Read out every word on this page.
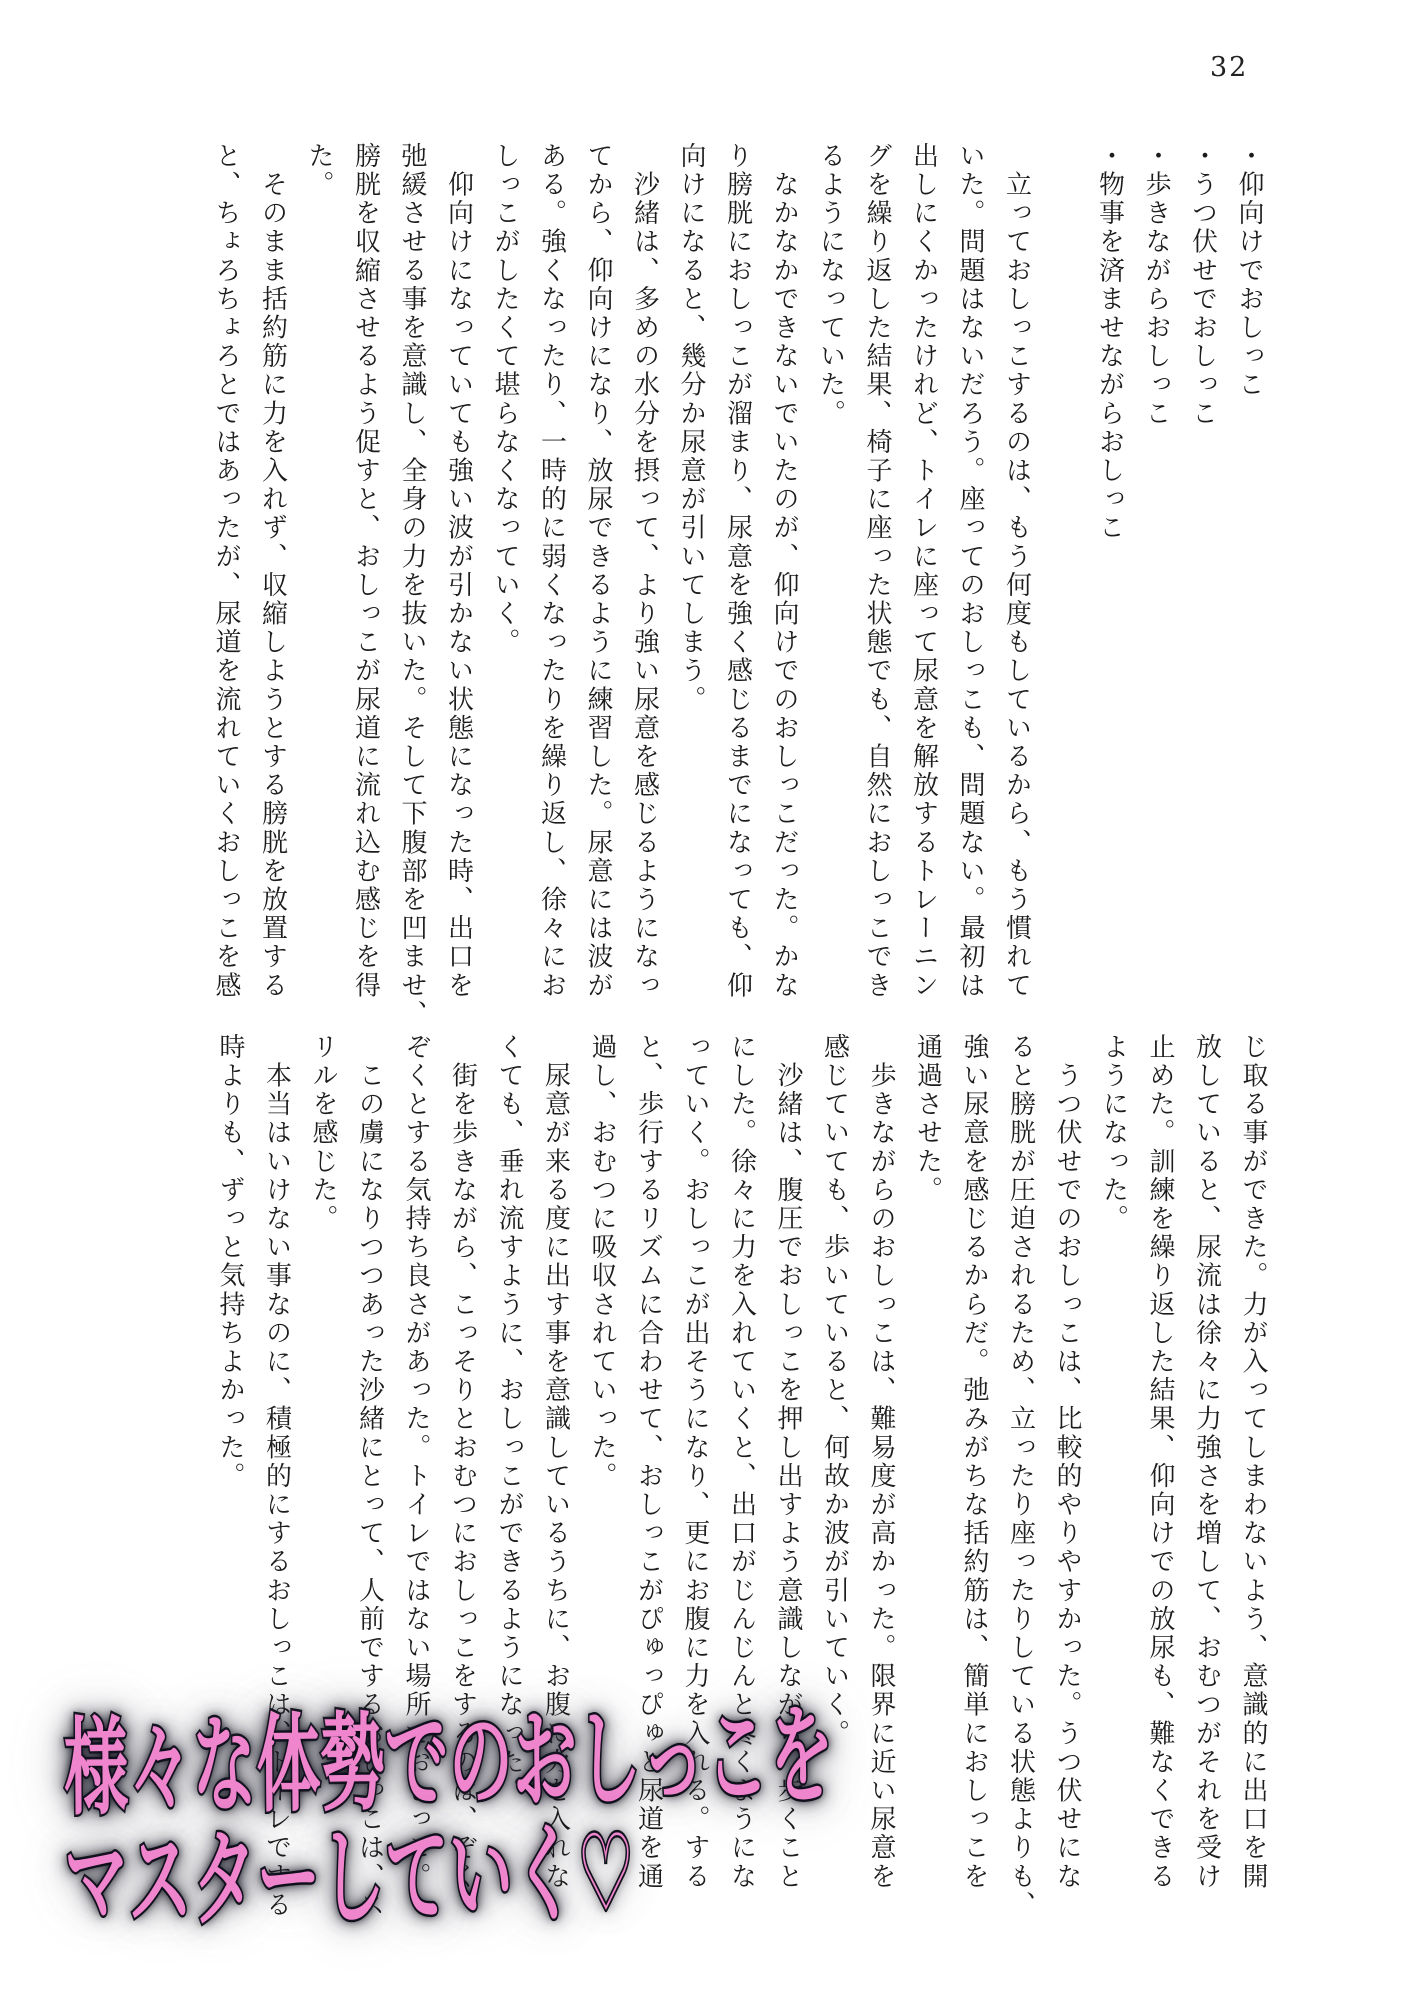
32
・仰向けでおしっこ
・うつ伏せでおしっこ
・歩きながらおしっこ
・物事を済ませながらおしっこ

　立っておしっこするのは、もう何度もしているから、もう慣れて
いた。問題はないだろう。座ってのおしっこも、問題ない。最初は
出しにくかったけれど、トイレに座って尿意を解放するトレーニン
グを繰り返した結果、椅子に座った状態でも、自然におしっこでき
るようになっていた。
　なかなかできないでいたのが、仰向けでのおしっこだった。かな
り膀胱におしっこが溜まり、尿意を強く感じるまでになっても、仰
向けになると、幾分か尿意が引いてしまう。
　沙緒は、多めの水分を摂って、より強い尿意を感じるようになっ
てから、仰向けになり、放尿できるように練習した。尿意には波が
ある。強くなったり、一時的に弱くなったりを繰り返し、徐々にお
しっこがしたくて堪らなくなっていく。
　仰向けになっていても強い波が引かない状態になった時、出口を
弛緩させる事を意識し、全身の力を抜いた。そして下腹部を凹ませ、
膀胱を収縮させるよう促すと、おしっこが尿道に流れ込む感じを得
た。
　そのまま括約筋に力を入れず、収縮しようとする膀胱を放置する
と、ちょろちょろとではあったが、尿道を流れていくおしっこを感
じ取る事ができた。力が入ってしまわないよう、意識的に出口を開
放していると、尿流は徐々に力強さを増して、おむつがそれを受け
止めた。訓練を繰り返した結果、仰向けでの放尿も、難なくできる
ようになった。
　うつ伏せでのおしっこは、比較的やりやすかった。うつ伏せにな
ると膀胱が圧迫されるため、立ったり座ったりしている状態よりも、
強い尿意を感じるからだ。弛みがちな括約筋は、簡単におしっこを
通過させた。
　歩きながらのおしっこは、難易度が高かった。限界に近い尿意を
感じていても、歩いていると、何故か波が引いていく。
　沙緒は、腹圧でおしっこを押し出すよう意識しながら、歩くこと
にした。徐々に力を入れていくと、出口がじんじんと疼くようにな
っていく。おしっこが出そうになり、更にお腹に力を入れる。する
と、歩行するリズムに合わせて、おしっこがぴゅっぴゅと尿道を通
過し、おむつに吸収されていった。
　尿意が来る度に出す事を意識しているうちに、お腹に力を入れな
くても、垂れ流すように、おしっこができるようになった。
　街を歩きながら、こっそりとおむつにおしっこをするのは、ぞく
ぞくとする気持ち良さがあった。トイレではない場所でおしっこ。
　この虜になりつつあった沙緒にとって、人前でするおしっこは、ス
リルを感じた。
　本当はいけない事なのに、積極的にするおしっこは、トイレでする
時よりも、ずっと気持ちよかった。
様々な体勢でのおしっこを
マスターしていく♡
